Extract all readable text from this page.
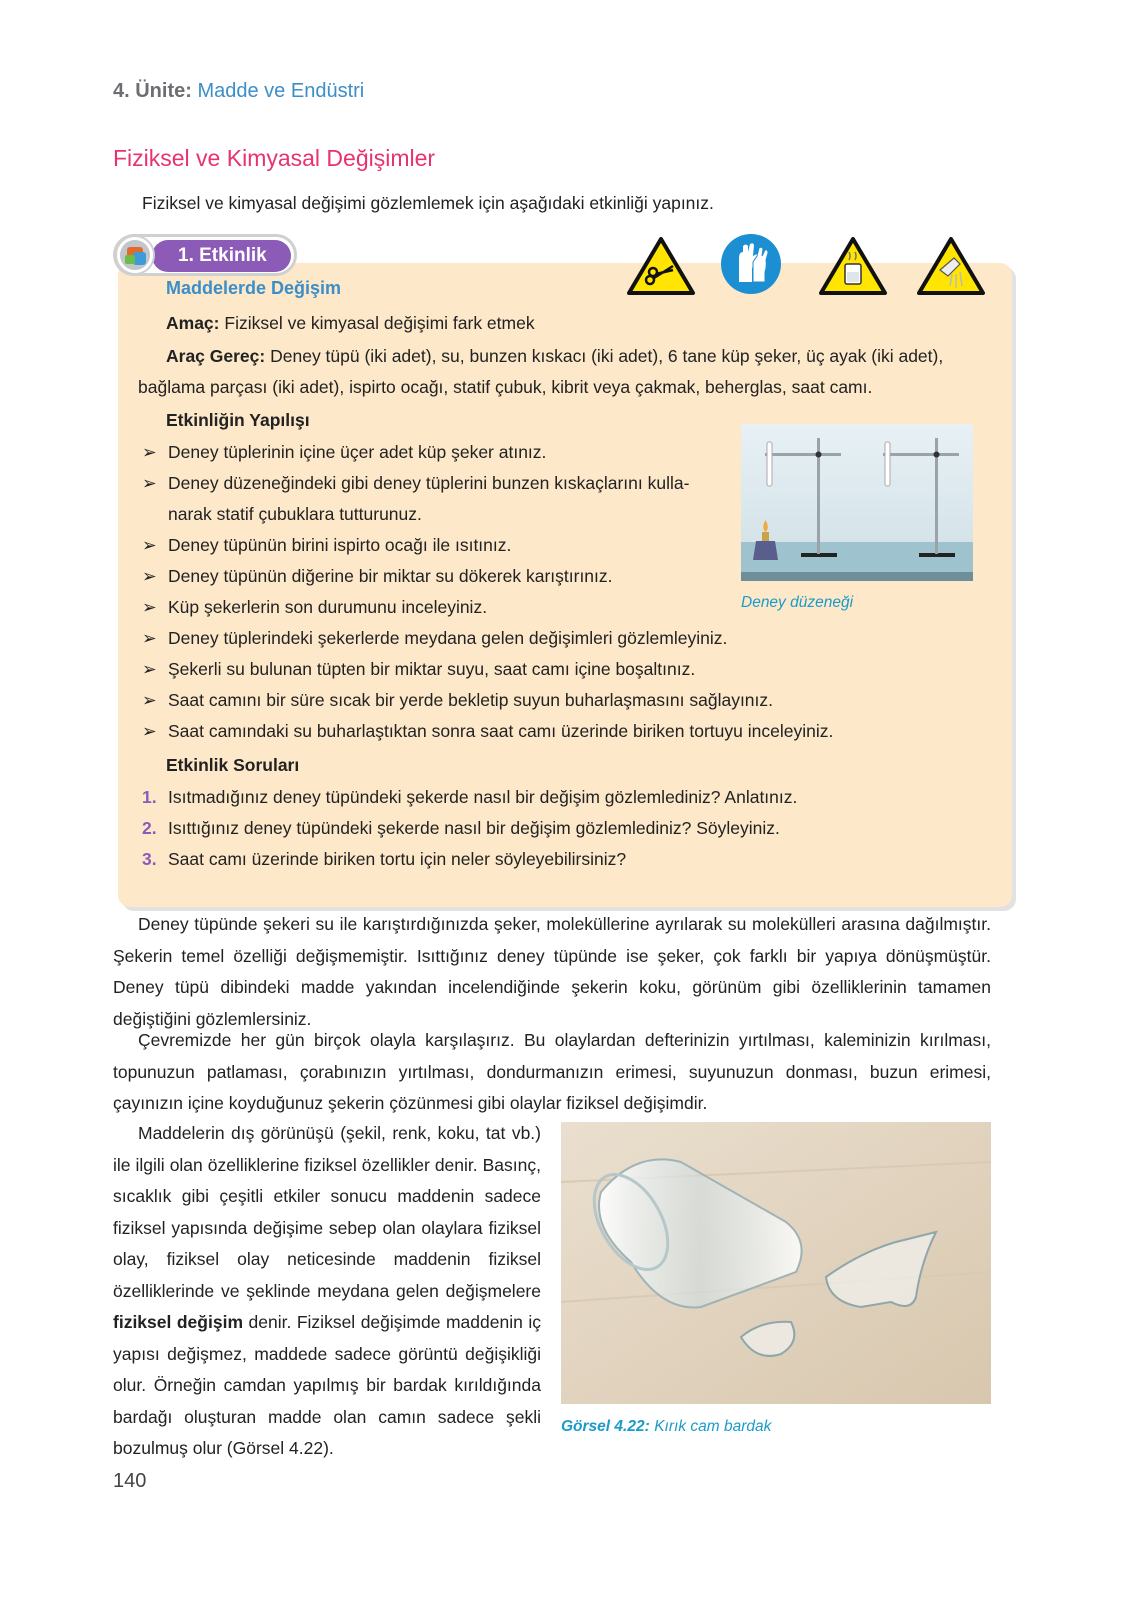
4. Ünite: Madde ve Endüstri
Fiziksel ve Kimyasal Değişimler
Fiziksel ve kimyasal değişimi gözlemlemek için aşağıdaki etkinliği yapınız.
1. Etkinlik
Maddelerde Değişim
Amaç: Fiziksel ve kimyasal değişimi fark etmek
Araç Gereç: Deney tüpü (iki adet), su, bunzen kıskacı (iki adet), 6 tane küp şeker, üç ayak (iki adet),
bağlama parçası (iki adet), ispirto ocağı, statif çubuk, kibrit veya çakmak, beherglas, saat camı.
Etkinliğin Yapılışı
➢ Deney tüplerinin içine üçer adet küp şeker atınız.
➢ Deney düzeneğindeki gibi deney tüplerini bunzen kıskaçlarını kulla-
narak statif çubuklara tutturunuz.
➢ Deney tüpünün birini ispirto ocağı ile ısıtınız.
➢ Deney tüpünün diğerine bir miktar su dökerek karıştırınız.
➢ Küp şekerlerin son durumunu inceleyiniz.
➢ Deney tüplerindeki şekerlerde meydana gelen değişimleri gözlemleyiniz.
➢ Şekerli su bulunan tüpten bir miktar suyu, saat camı içine boşaltınız.
➢ Saat camını bir süre sıcak bir yerde bekletip suyun buharlaşmasını sağlayınız.
➢ Saat camındaki su buharlaştıktan sonra saat camı üzerinde biriken tortuyu inceleyiniz.
Deney düzeneği
Etkinlik Soruları
1. Isıtmadığınız deney tüpündeki şekerde nasıl bir değişim gözlemlediniz? Anlatınız.
2. Isıttığınız deney tüpündeki şekerde nasıl bir değişim gözlemlediniz? Söyleyiniz.
3. Saat camı üzerinde biriken tortu için neler söyleyebilirsiniz?
Deney tüpünde şekeri su ile karıştırdığınızda şeker, moleküllerine ayrılarak su molekülleri arasına dağılmıştır. Şekerin temel özelliği değişmemiştir. Isıttığınız deney tüpünde ise şeker, çok farklı bir yapıya dönüşmüştür. Deney tüpü dibindeki madde yakından incelendiğinde şekerin koku, görünüm gibi özelliklerinin tamamen değiştiğini gözlemlersiniz.
Çevremizde her gün birçok olayla karşılaşırız. Bu olaylardan defterinizin yırtılması, kaleminizin kırılması, topunuzun patlaması, çorabınızın yırtılması, dondurmanızın erimesi, suyunuzun donması, buzun erimesi, çayınızın içine koyduğunuz şekerin çözünmesi gibi olaylar fiziksel değişimdir.
Maddelerin dış görünüşü (şekil, renk, koku, tat vb.) ile ilgili olan özelliklerine fiziksel özellikler denir. Basınç, sıcaklık gibi çeşitli etkiler sonucu maddenin sadece fiziksel yapısında değişime sebep olan olaylara fiziksel olay, fiziksel olay neticesinde maddenin fiziksel özelliklerinde ve şeklinde meydana gelen değişmelere fiziksel değişim denir. Fiziksel değişimde maddenin iç yapısı değişmez, maddede sadece görüntü değişikliği olur. Örneğin camdan yapılmış bir bardak kırıldığında bardağı oluşturan madde olan camın sadece şekli bozulmuş olur (Görsel 4.22).
Görsel 4.22: Kırık cam bardak
140
